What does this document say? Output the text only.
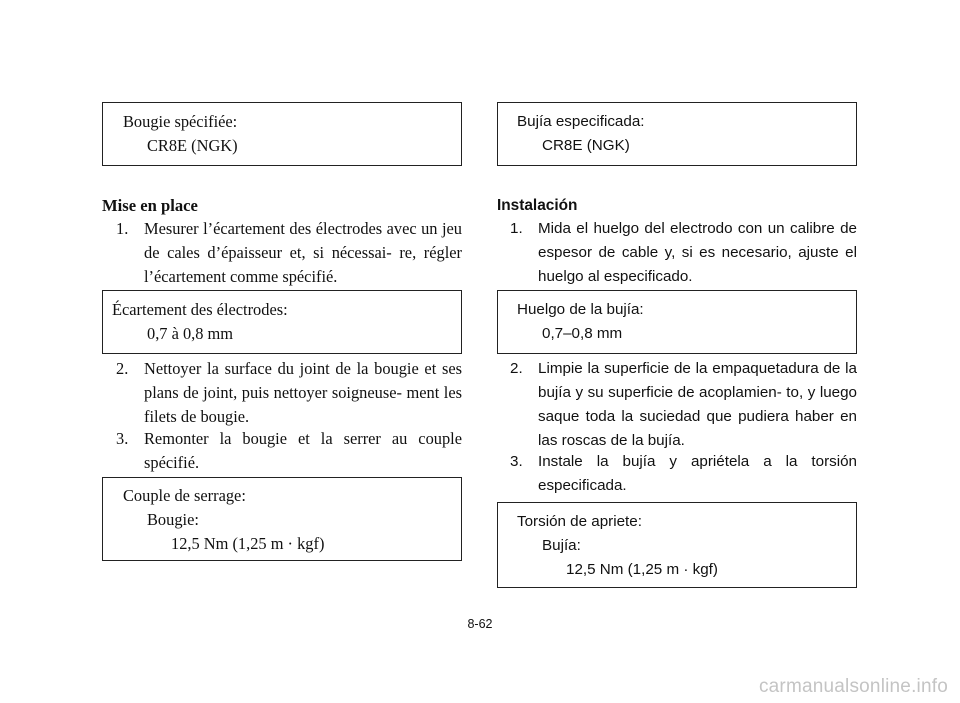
Bougie spécifiée:
CR8E (NGK)
Mise en place
1. Mesurer l’écartement des électrodes avec un jeu de cales d’épaisseur et, si nécessai- re, régler l’écartement comme spécifié.
Écartement des électrodes:
0,7 à 0,8 mm
2. Nettoyer la surface du joint de la bougie et ses plans de joint, puis nettoyer soigneuse- ment les filets de bougie.
3. Remonter la bougie et la serrer au couple spécifié.
Couple de serrage:
Bougie:
12,5 Nm (1,25 m · kgf)
Bujía especificada:
CR8E (NGK)
Instalación
1. Mida el huelgo del electrodo con un calibre de espesor de cable y, si es necesario, ajuste el huelgo al especificado.
Huelgo de la bujía:
0,7–0,8 mm
2. Limpie la superficie de la empaquetadura de la bujía y su superficie de acoplamien- to, y luego saque toda la suciedad que pudiera haber en las roscas de la bujía.
3. Instale la bujía y apriétela a la torsión especificada.
Torsión de apriete:
Bujía:
12,5 Nm (1,25 m · kgf)
8-62
carmanualsonline.info
